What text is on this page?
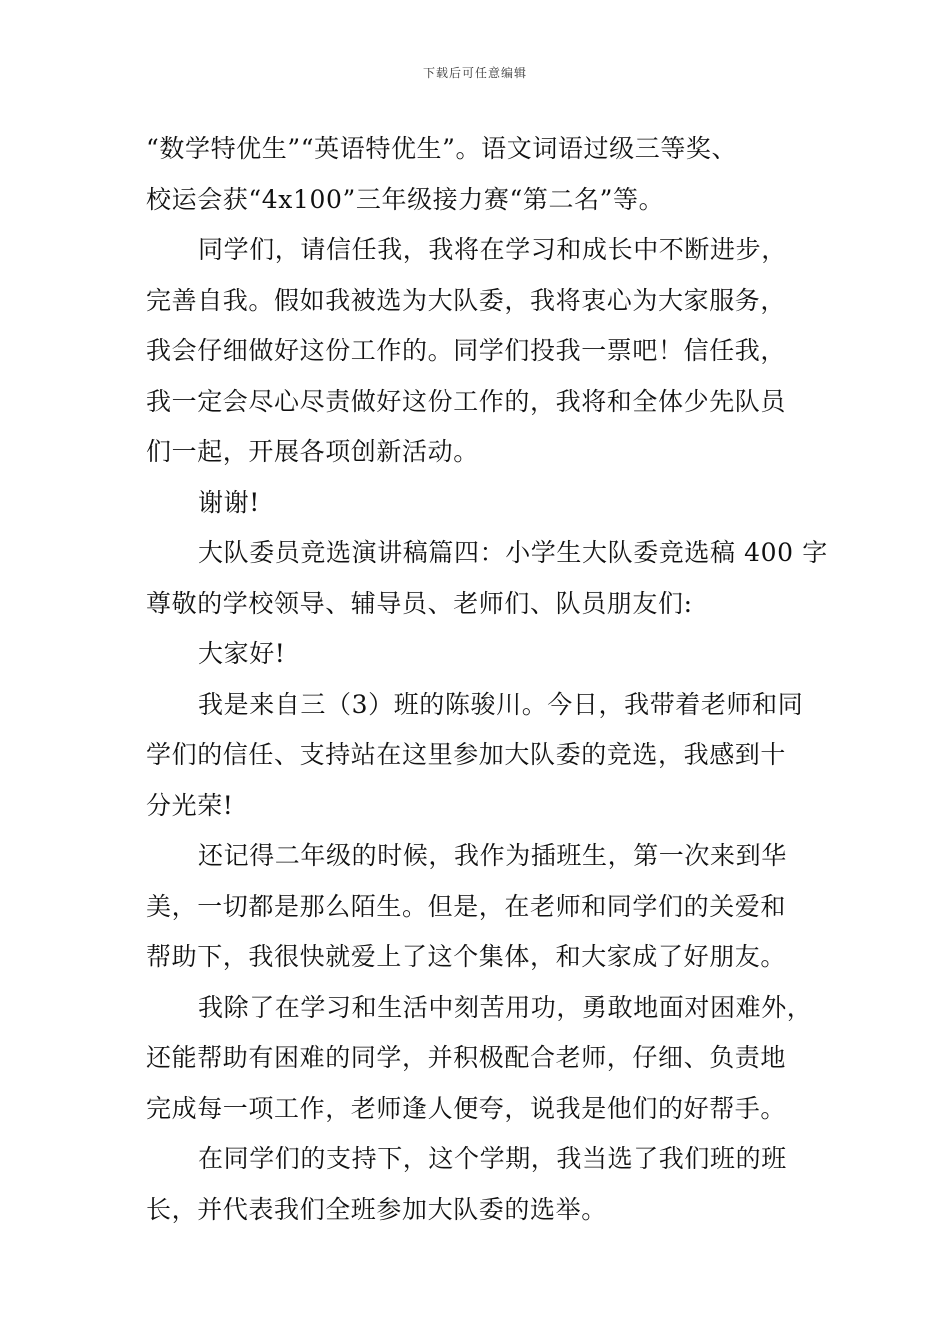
下载后可任意编辑
“数学特优生”“英语特优生”。语文词语过级三等奖、
校运会获“4x100”三年级接力赛“第二名”等。
同学们，请信任我，我将在学习和成长中不断进步，
完善自我。假如我被选为大队委，我将衷心为大家服务，
我会仔细做好这份工作的。同学们投我一票吧！信任我，
我一定会尽心尽责做好这份工作的，我将和全体少先队员
们一起，开展各项创新活动。
谢谢!
大队委员竞选演讲稿篇四：小学生大队委竞选稿 400 字
尊敬的学校领导、辅导员、老师们、队员朋友们:
大家好!
我是来自三（3）班的陈骏川。今日，我带着老师和同
学们的信任、支持站在这里参加大队委的竞选，我感到十
分光荣!
还记得二年级的时候，我作为插班生，第一次来到华
美，一切都是那么陌生。但是，在老师和同学们的关爱和
帮助下，我很快就爱上了这个集体，和大家成了好朋友。
我除了在学习和生活中刻苦用功，勇敢地面对困难外，
还能帮助有困难的同学，并积极配合老师，仔细、负责地
完成每一项工作，老师逢人便夸，说我是他们的好帮手。
在同学们的支持下，这个学期，我当选了我们班的班
长，并代表我们全班参加大队委的选举。
